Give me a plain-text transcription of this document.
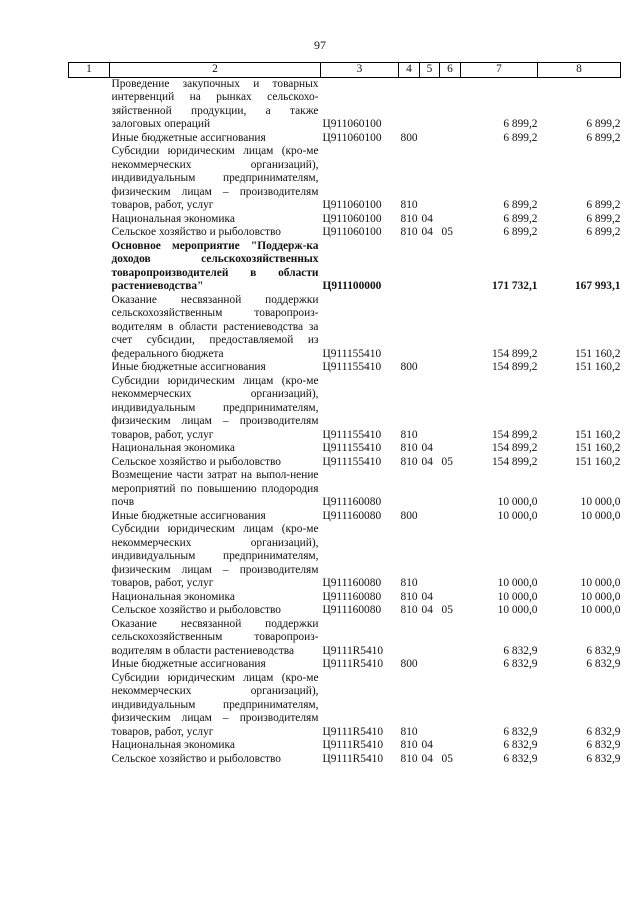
97
1	2	3	4	5	6	7	8
	Проведение закупочных и товарных интервенций на рынках сельскохо-зяйственной продукции, а также залоговых операций	Ц911060100				6 899,2	6 899,2
	Иные бюджетные ассигнования	Ц911060100	800			6 899,2	6 899,2
	Субсидии юридическим лицам (кро-ме некоммерческих организаций), индивидуальным предпринимателям, физическим лицам – производителям товаров, работ, услуг	Ц911060100	810			6 899,2	6 899,2
	Национальная экономика	Ц911060100	810	04		6 899,2	6 899,2
	Сельское хозяйство и рыболовство	Ц911060100	810	04	05	6 899,2	6 899,2
	Основное мероприятие "Поддерж-ка доходов сельскохозяйственных товаропроизводителей в области растениеводства"	Ц911100000				171 732,1	167 993,1
	Оказание несвязанной поддержки сельскохозяйственным товаропроиз-водителям в области растениеводства за счет субсидии, предоставляемой из федерального бюджета	Ц911155410				154 899,2	151 160,2
	Иные бюджетные ассигнования	Ц911155410	800			154 899,2	151 160,2
	Субсидии юридическим лицам (кро-ме некоммерческих организаций), индивидуальным предпринимателям, физическим лицам – производителям товаров, работ, услуг	Ц911155410	810			154 899,2	151 160,2
	Национальная экономика	Ц911155410	810	04		154 899,2	151 160,2
	Сельское хозяйство и рыболовство	Ц911155410	810	04	05	154 899,2	151 160,2
	Возмещение части затрат на выпол-нение мероприятий по повышению плодородия почв	Ц911160080				10 000,0	10 000,0
	Иные бюджетные ассигнования	Ц911160080	800			10 000,0	10 000,0
	Субсидии юридическим лицам (кро-ме некоммерческих организаций), индивидуальным предпринимателям, физическим лицам – производителям товаров, работ, услуг	Ц911160080	810			10 000,0	10 000,0
	Национальная экономика	Ц911160080	810	04		10 000,0	10 000,0
	Сельское хозяйство и рыболовство	Ц911160080	810	04	05	10 000,0	10 000,0
	Оказание несвязанной поддержки сельскохозяйственным товаропроиз-водителям в области растениеводства	Ц9111R5410				6 832,9	6 832,9
	Иные бюджетные ассигнования	Ц9111R5410	800			6 832,9	6 832,9
	Субсидии юридическим лицам (кро-ме некоммерческих организаций), индивидуальным предпринимателям, физическим лицам – производителям товаров, работ, услуг	Ц9111R5410	810			6 832,9	6 832,9
	Национальная экономика	Ц9111R5410	810	04		6 832,9	6 832,9
	Сельское хозяйство и рыболовство	Ц9111R5410	810	04	05	6 832,9	6 832,9
